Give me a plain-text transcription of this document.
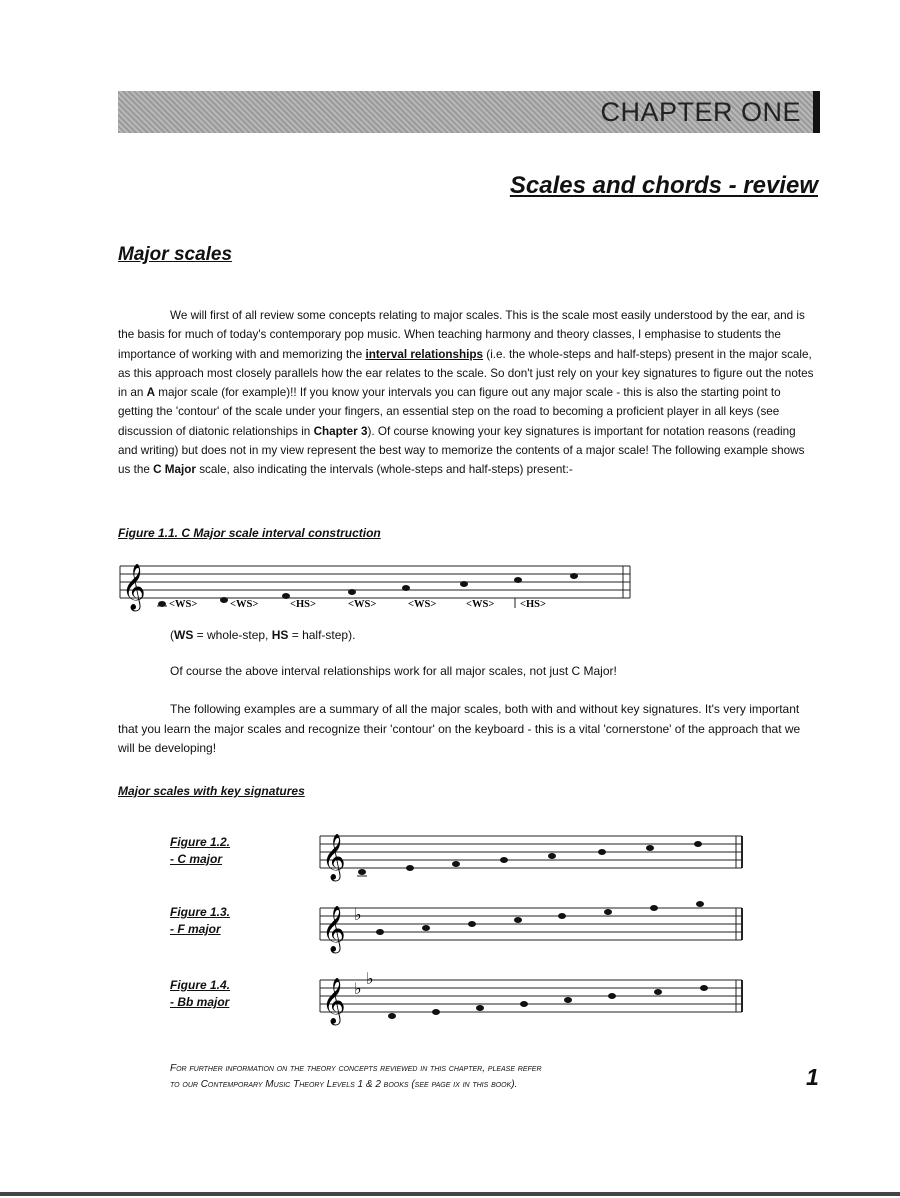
CHAPTER ONE
Scales and chords - review
Major scales
We will first of all review some concepts relating to major scales. This is the scale most easily understood by the ear, and is the basis for much of today's contemporary pop music. When teaching harmony and theory classes, I emphasise to students the importance of working with and memorizing the interval relationships (i.e. the whole-steps and half-steps) present in the major scale, as this approach most closely parallels how the ear relates to the scale. So don't just rely on your key signatures to figure out the notes in an A major scale (for example)!! If you know your intervals you can figure out any major scale - this is also the starting point to getting the 'contour' of the scale under your fingers, an essential step on the road to becoming a proficient player in all keys (see discussion of diatonic relationships in Chapter 3). Of course knowing your key signatures is important for notation reasons (reading and writing) but does not in my view represent the best way to memorize the contents of a major scale! The following example shows us the C Major scale, also indicating the intervals (whole-steps and half-steps) present:-
Figure 1.1. C Major scale interval construction
𝄞 <WS>	<WS>	<HS>	<WS>	<WS>	<WS> <HS>
(WS = whole-step, HS = half-step).
Of course the above interval relationships work for all major scales, not just C Major!
The following examples are a summary of all the major scales, both with and without key signatures. It's very important that you learn the major scales and recognize their 'contour' on the keyboard - this is a vital 'cornerstone' of the approach that we will be developing!
Major scales with key signatures
Figure 1.2.
- C major 𝄞
Figure 1.3.
- F major	𝄞 ♭
Figure 1.4.
- Bb major 𝄞 ♭
♭
For further information on the theory concepts reviewed in this chapter, please refer
to our Contemporary Music Theory Levels 1 & 2 books (see page ix in this book).	1
